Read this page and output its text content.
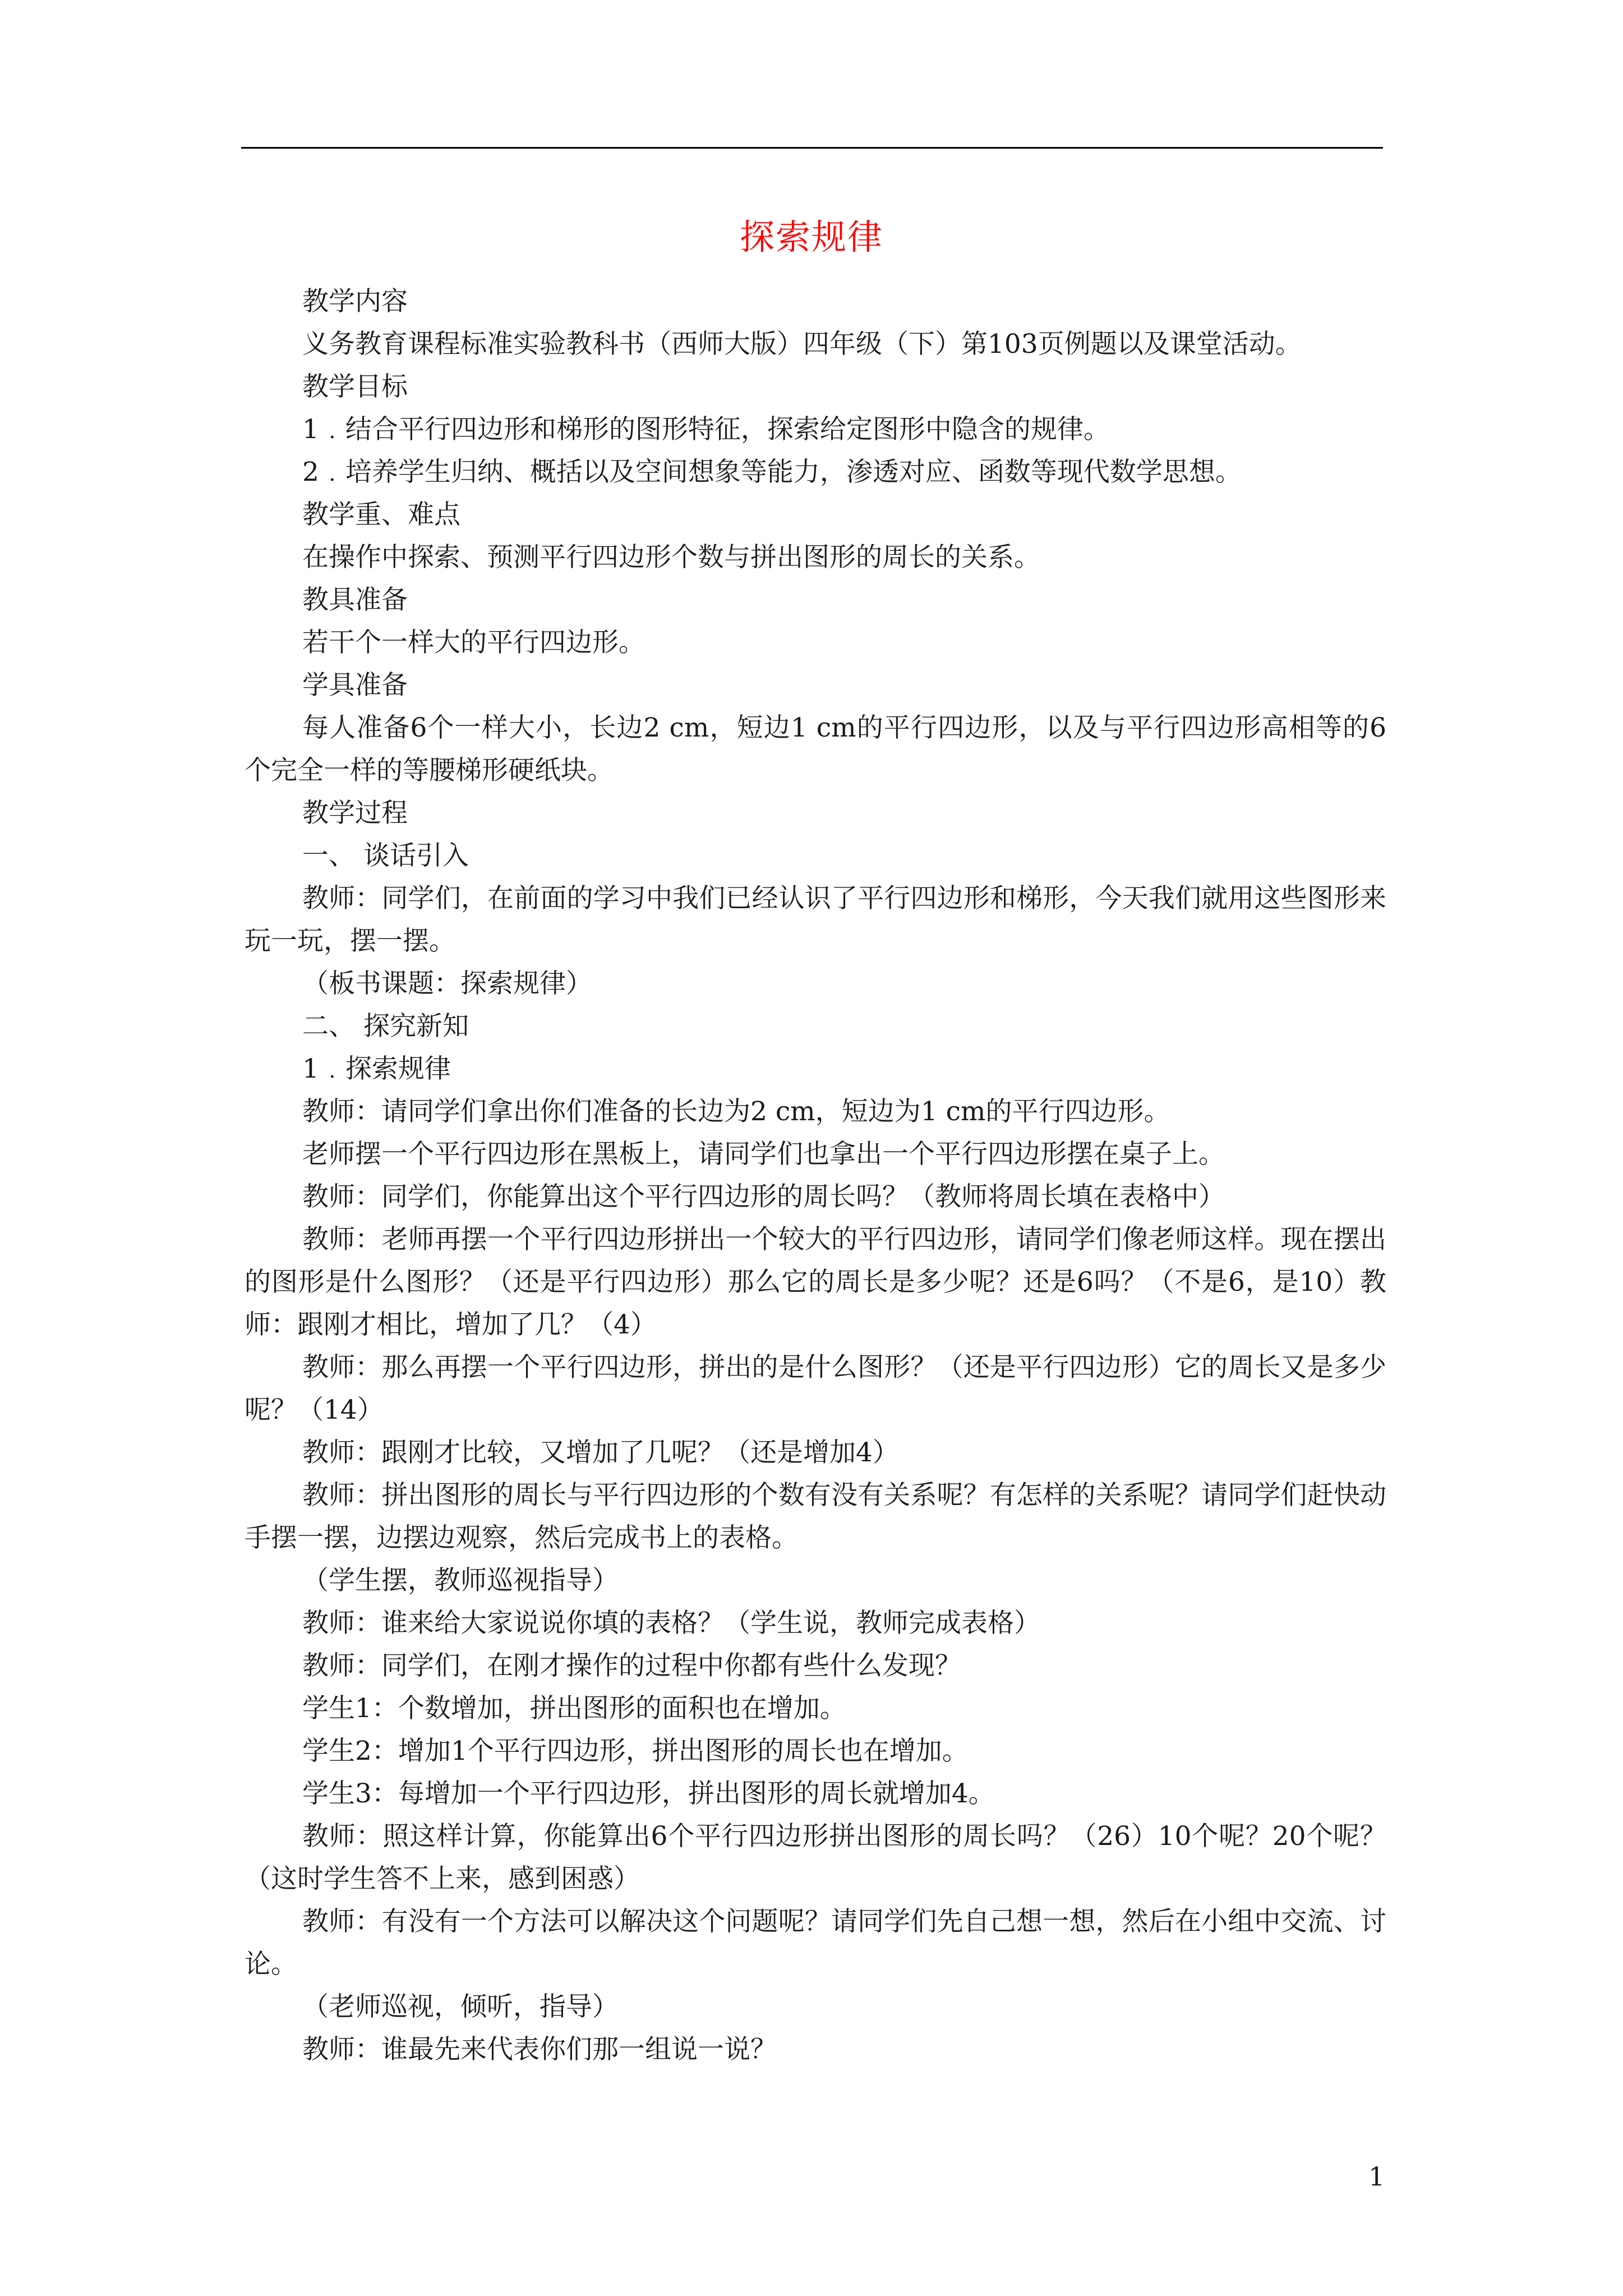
探索规律

教学内容

义务教育课程标准实验教科书（西师大版）四年级（下）第103页例题以及课堂活动。

教学目标

1﹒结合平行四边形和梯形的图形特征，探索给定图形中隐含的规律。

2﹒培养学生归纳、概括以及空间想象等能力，渗透对应、函数等现代数学思想。

教学重、难点

在操作中探索、预测平行四边形个数与拼出图形的周长的关系。

教具准备

若干个一样大的平行四边形。

学具准备

每人准备6个一样大小，长边2 cm，短边1 cm的平行四边形，以及与平行四边形高相等的6个完全一样的等腰梯形硬纸块。

教学过程

一、 谈话引入

教师：同学们，在前面的学习中我们已经认识了平行四边形和梯形，今天我们就用这些图形来玩一玩，摆一摆。

（板书课题：探索规律）

二、 探究新知

1﹒探索规律

教师：请同学们拿出你们准备的长边为2 cm，短边为1 cm的平行四边形。

老师摆一个平行四边形在黑板上，请同学们也拿出一个平行四边形摆在桌子上。

教师：同学们，你能算出这个平行四边形的周长吗？（教师将周长填在表格中）

教师：老师再摆一个平行四边形拼出一个较大的平行四边形，请同学们像老师这样。现在摆出的图形是什么图形？（还是平行四边形）那么它的周长是多少呢？还是6吗？（不是6，是10）教师：跟刚才相比，增加了几？（4）

教师：那么再摆一个平行四边形，拼出的是什么图形？（还是平行四边形）它的周长又是多少呢？（14）

教师：跟刚才比较，又增加了几呢？（还是增加4）

教师：拼出图形的周长与平行四边形的个数有没有关系呢？有怎样的关系呢？请同学们赶快动手摆一摆，边摆边观察，然后完成书上的表格。

（学生摆，教师巡视指导）

教师：谁来给大家说说你填的表格？（学生说，教师完成表格）

教师：同学们，在刚才操作的过程中你都有些什么发现？

学生1：个数增加，拼出图形的面积也在增加。

学生2：增加1个平行四边形，拼出图形的周长也在增加。

学生3：每增加一个平行四边形，拼出图形的周长就增加4。

教师：照这样计算，你能算出6个平行四边形拼出图形的周长吗？（26）10个呢？20个呢？（这时学生答不上来，感到困惑）

教师：有没有一个方法可以解决这个问题呢？请同学们先自己想一想，然后在小组中交流、讨论。

（老师巡视，倾听，指导）

教师：谁最先来代表你们那一组说一说？

1
